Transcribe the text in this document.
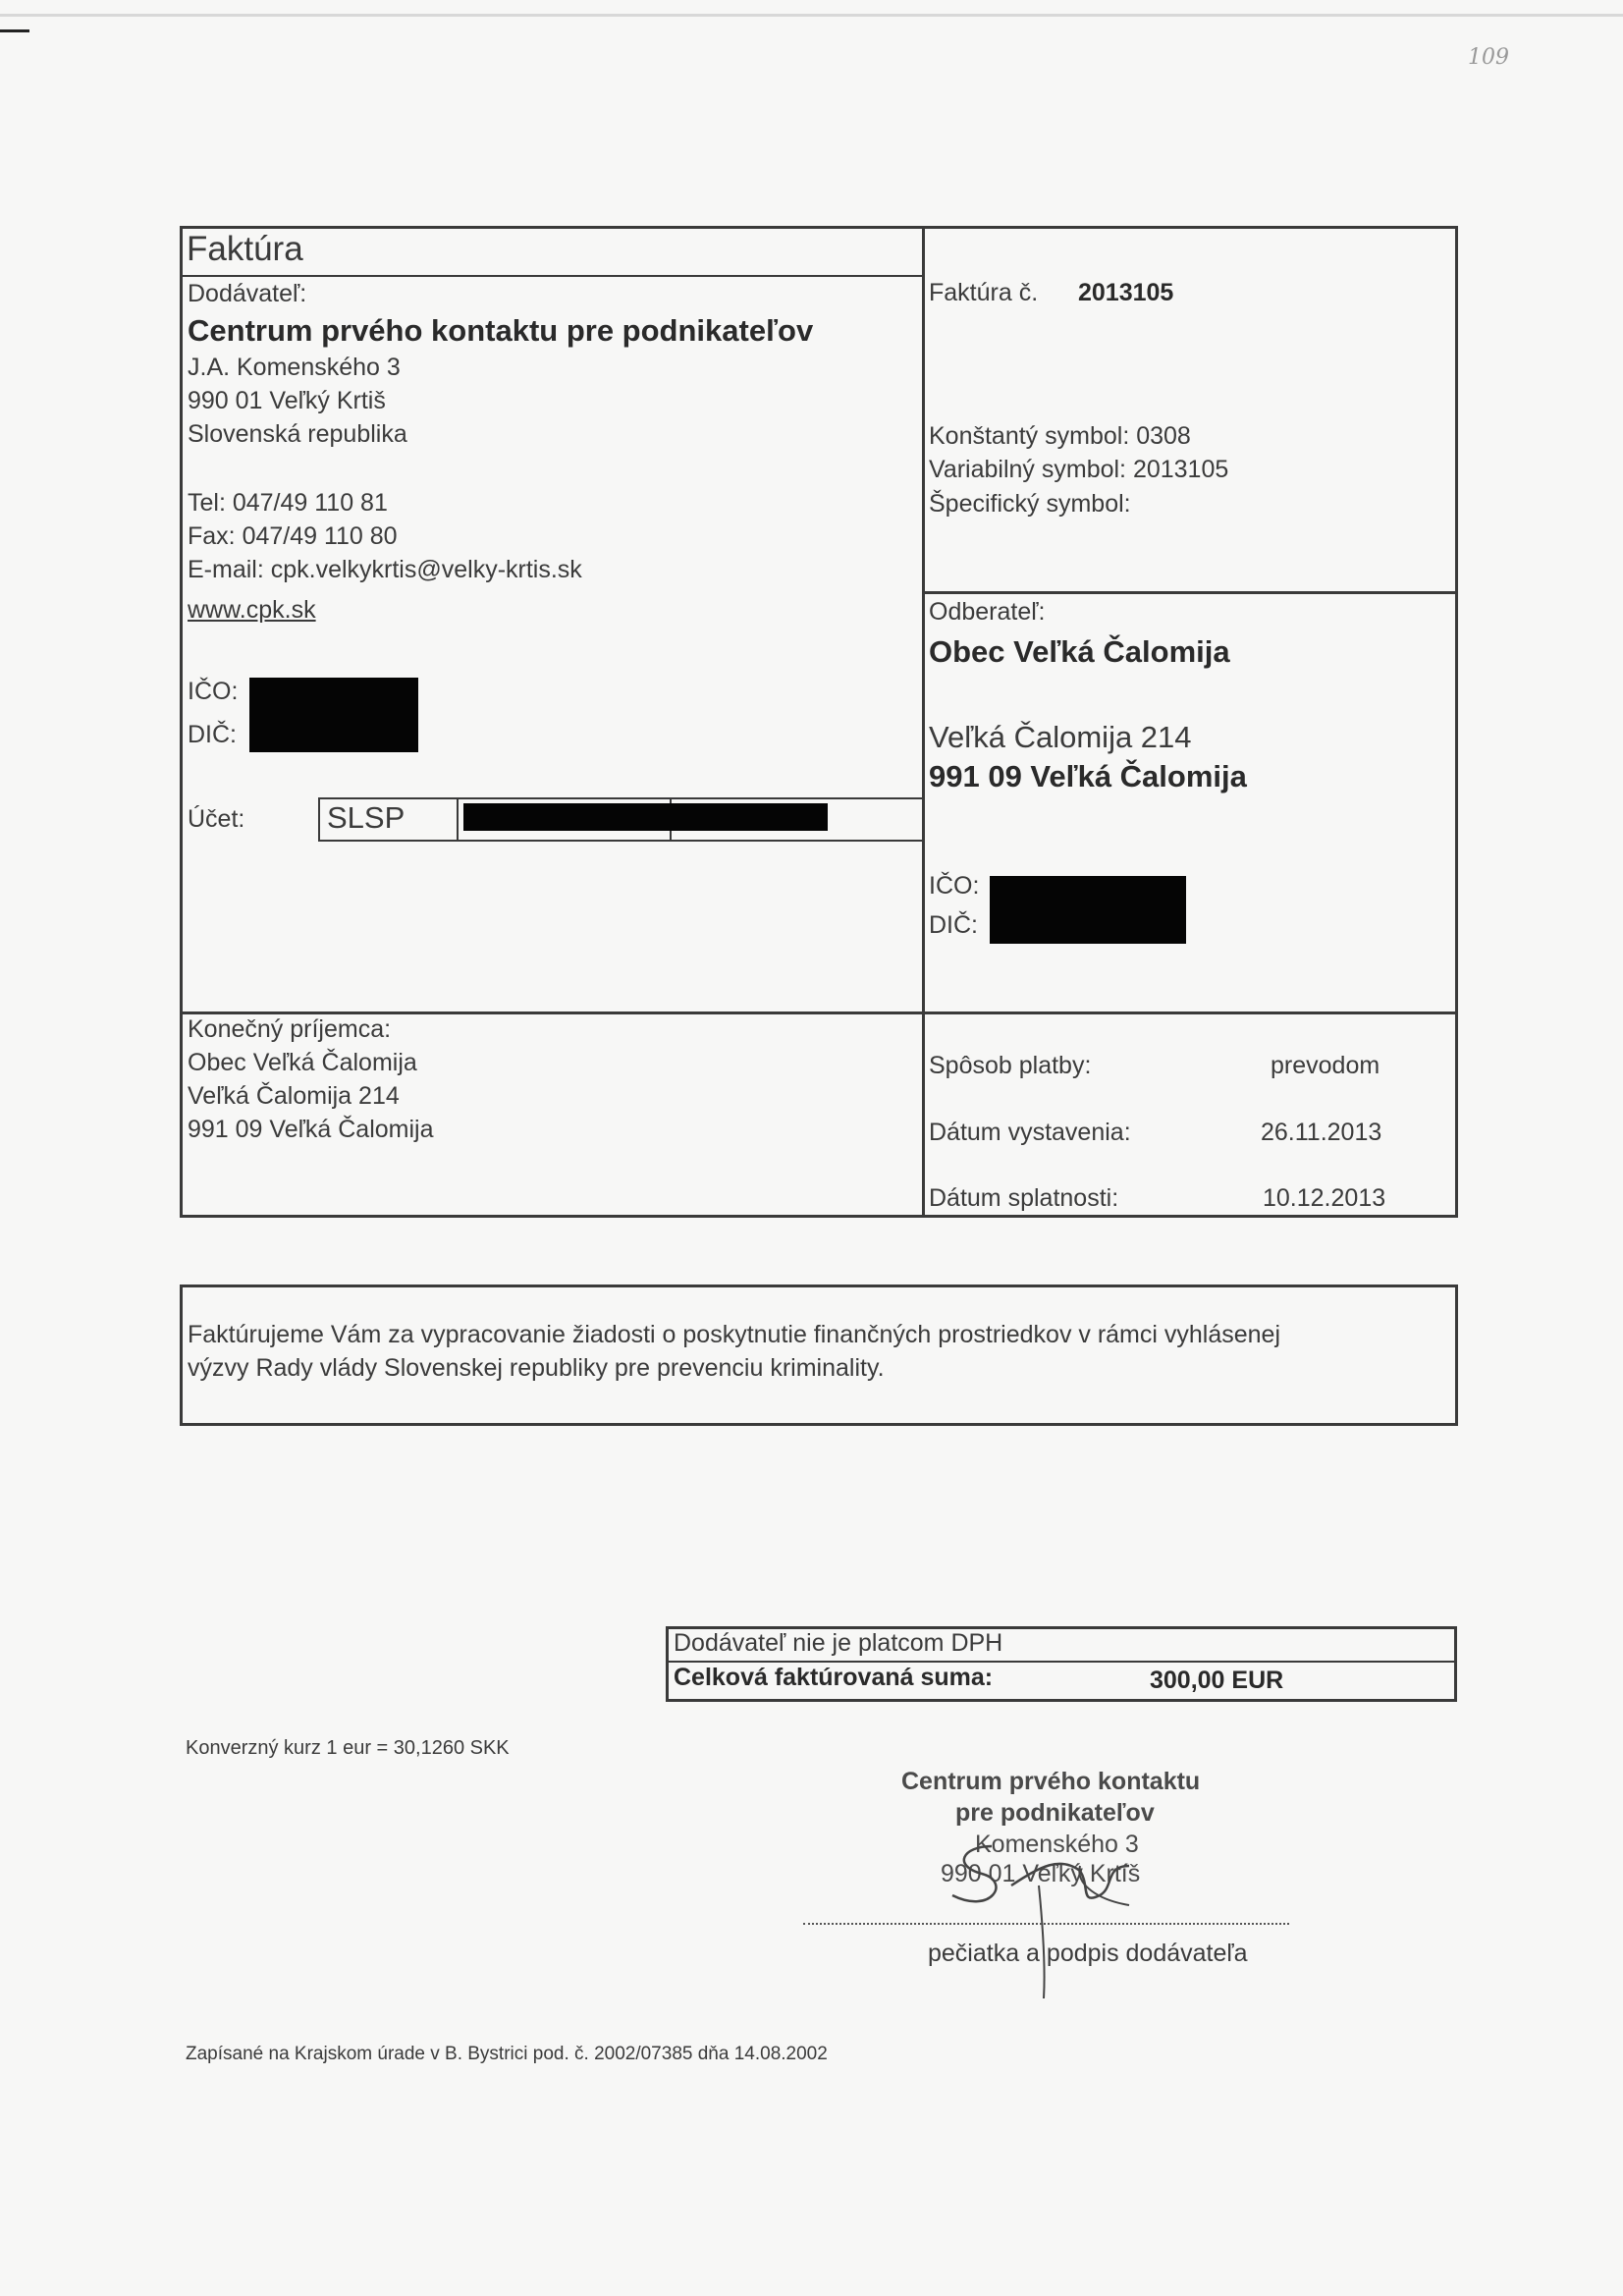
109
Faktúra
Dodávateľ:
Centrum prvého kontaktu pre podnikateľov
J.A. Komenského 3
990 01 Veľký Krtiš
Slovenská republika
Tel: 047/49 110 81
Fax: 047/49 110 80
E-mail: cpk.velkykrtis@velky-krtis.sk
www.cpk.sk
IČO:
DIČ:
Účet:	SLSP
Faktúra č. 2013105
Konštantý symbol: 0308
Variabilný symbol: 2013105
Špecifický symbol:
Odberateľ:
Obec Veľká Čalomija
Veľká Čalomija 214
991 09 Veľká Čalomija
IČO:
DIČ:
Konečný príjemca:
Obec Veľká Čalomija
Veľká Čalomija 214
991 09 Veľká Čalomija
Spôsob platby:	prevodom
Dátum vystavenia:	26.11.2013
Dátum splatnosti:	10.12.2013
Faktúrujeme Vám za vypracovanie žiadosti o poskytnutie finančných prostriedkov v rámci vyhlásenej
výzvy Rady vlády Slovenskej republiky pre prevenciu kriminality.
Dodávateľ nie je platcom DPH
Celková faktúrovaná suma:	300,00 EUR
Konverzný kurz 1 eur = 30,1260 SKK
Centrum prvého kontaktu
pre podnikateľov
Komenského 3
990 01 Veľký Krtíš
pečiatka a podpis dodávateľa
Zapísané na Krajskom úrade v B. Bystrici pod. č. 2002/07385 dňa 14.08.2002
